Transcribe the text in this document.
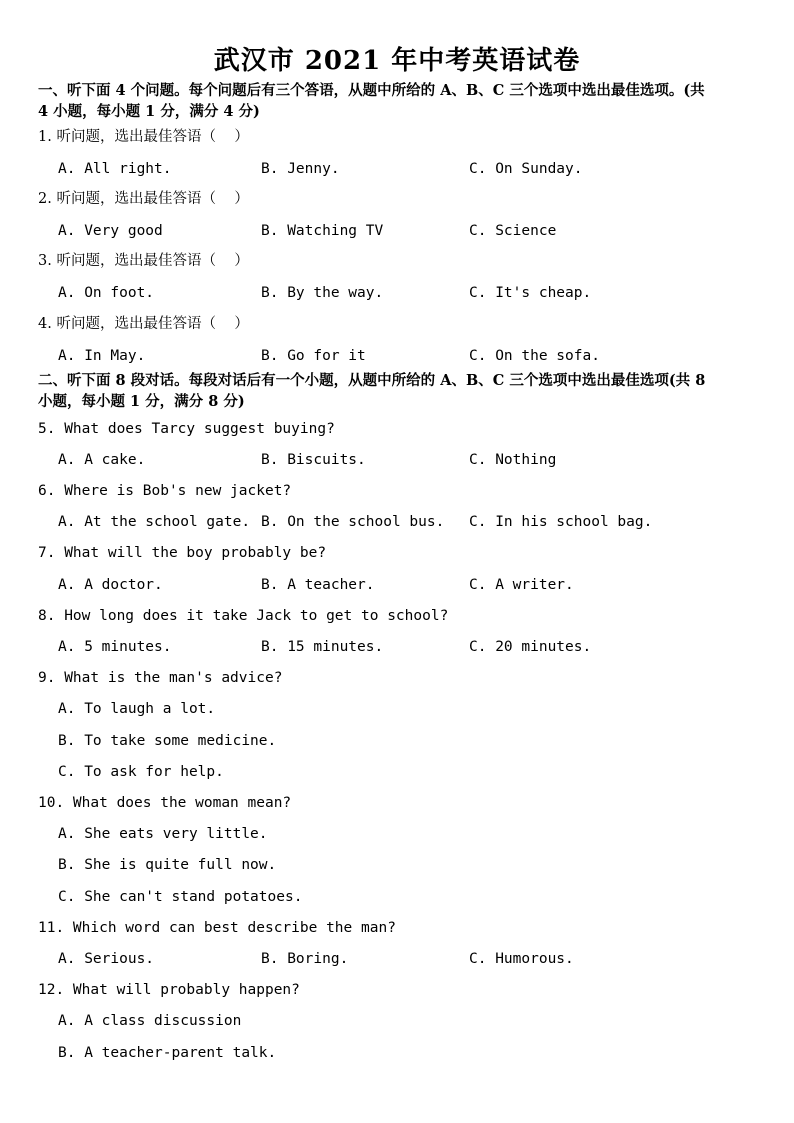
武汉市 2021 年中考英语试卷
一、听下面 4 个问题。每个问题后有三个答语，从题中所给的 A、B、C 三个选项中选出最佳选项。(共
4 小题，每小题 1 分，满分 4 分)
1. 听问题，选出最佳答语（    ）
A. All right.	B. Jenny.	C. On Sunday.
2. 听问题，选出最佳答语（    ）
A. Very good	B. Watching TV	C. Science
3. 听问题，选出最佳答语（    ）
A. On foot.	B. By the way.	C. It's cheap.
4. 听问题，选出最佳答语（    ）
A. In May.	B. Go for it	C. On the sofa.
二、听下面 8 段对话。每段对话后有一个小题，从题中所给的 A、B、C 三个选项中选出最佳选项(共 8
小题，每小题 1 分，满分 8 分)
5. What does Tarcy suggest buying?
A. A cake.	B. Biscuits.	C. Nothing
6. Where is Bob's new jacket?
A. At the school gate. B. On the school bus. C. In his school bag.
7. What will the boy probably be?
A. A doctor.	B. A teacher.	C. A writer.
8. How long does it take Jack to get to school?
A. 5 minutes.	B. 15 minutes.	C. 20 minutes.
9. What is the man's advice?
A. To laugh a lot.
B. To take some medicine.
C. To ask for help.
10. What does the woman mean?
A. She eats very little.
B. She is quite full now.
C. She can't stand potatoes.
11. Which word can best describe the man?
A. Serious.	B. Boring.	C. Humorous.
12. What will probably happen?
A. A class discussion
B. A teacher-parent talk.
